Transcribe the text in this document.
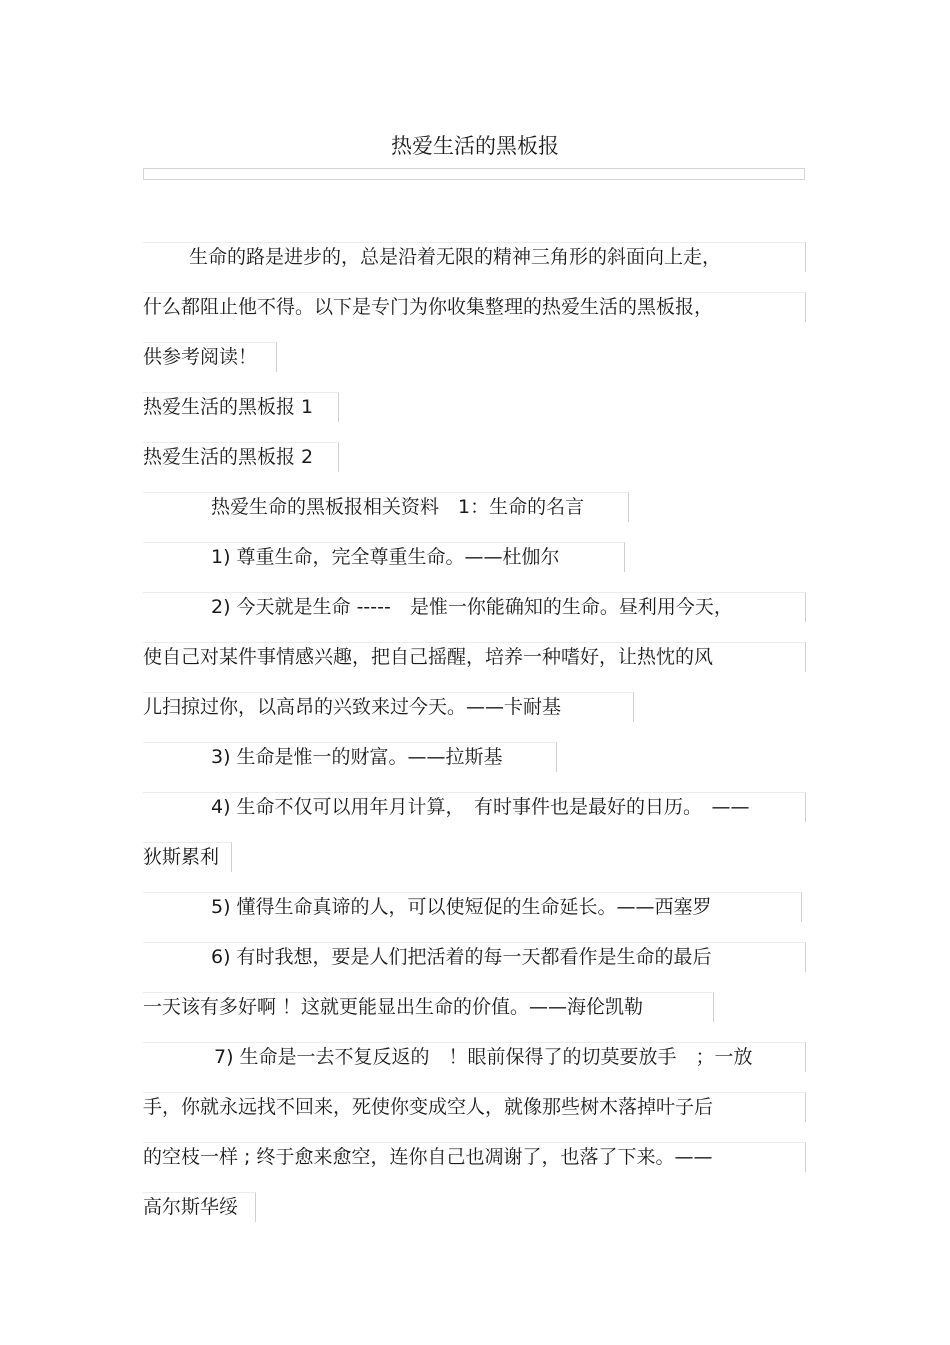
热爱生活的黑板报
生命的路是进步的，总是沿着无限的精神三角形的斜面向上走，
什么都阻止他不得。以下是专门为你收集整理的热爱生活的黑板报，
供参考阅读！
热爱生活的黑板报 1
热爱生活的黑板报 2
热爱生命的黑板报相关资料　1：生命的名言
1) 尊重生命，完全尊重生命。——杜伽尔
2) 今天就是生命 -----　是惟一你能确知的生命。昼利用今天，
使自己对某件事情感兴趣，把自己摇醒，培养一种嗜好，让热忱的风
儿扫掠过你，以高昂的兴致来过今天。——卡耐基
3) 生命是惟一的财富。——拉斯基
4) 生命不仅可以用年月计算，　有时事件也是最好的日历。　——
狄斯累利
5) 懂得生命真谛的人，可以使短促的生命延长。——西塞罗
6) 有时我想，要是人们把活着的每一天都看作是生命的最后
一天该有多好啊 ！这就更能显出生命的价值。——海伦凯勒
7) 生命是一去不复反返的　！眼前保得了的切莫要放手　；一放
手，你就永远找不回来，死使你变成空人，就像那些树木落掉叶子后
的空枝一样 ; 终于愈来愈空，连你自己也凋谢了，也落了下来。——
高尔斯华绥
